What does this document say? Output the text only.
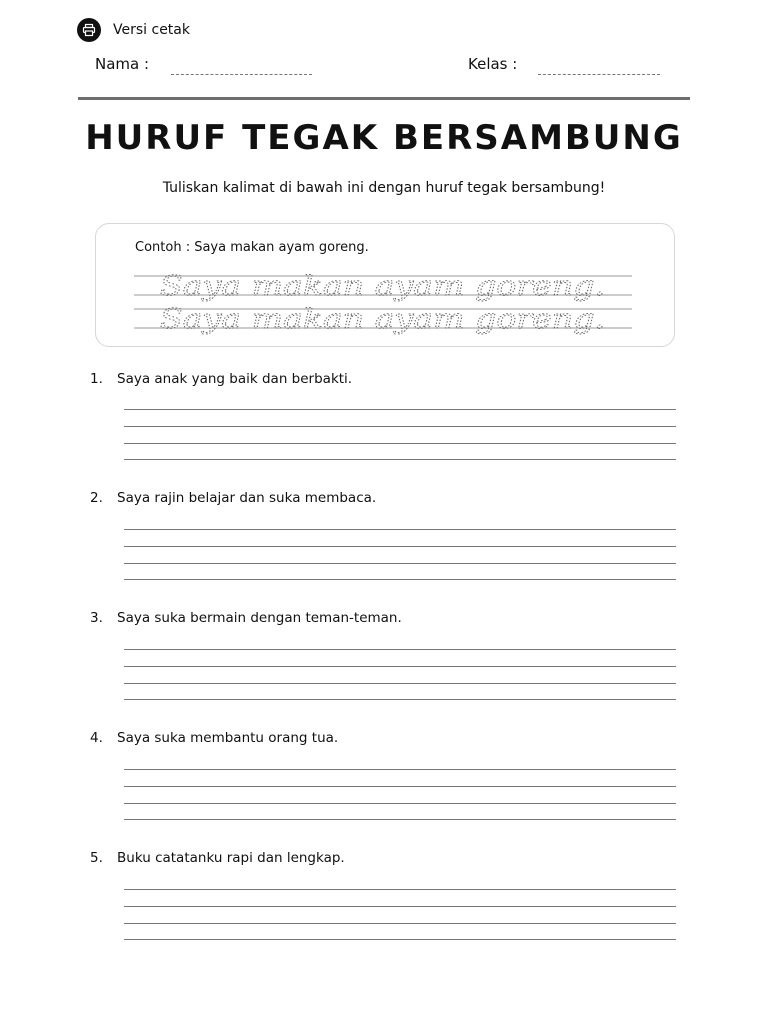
Versi cetak
Nama :	Kelas :
HURUF TEGAK BERSAMBUNG
Tuliskan kalimat di bawah ini dengan huruf tegak bersambung!
Contoh : Saya makan ayam goreng.
Saya makan ayam goreng.
Saya makan ayam goreng.
1. Saya anak yang baik dan berbakti.
2. Saya rajin belajar dan suka membaca.
3. Saya suka bermain dengan teman-teman.
4. Saya suka membantu orang tua.
5. Buku catatanku rapi dan lengkap.
